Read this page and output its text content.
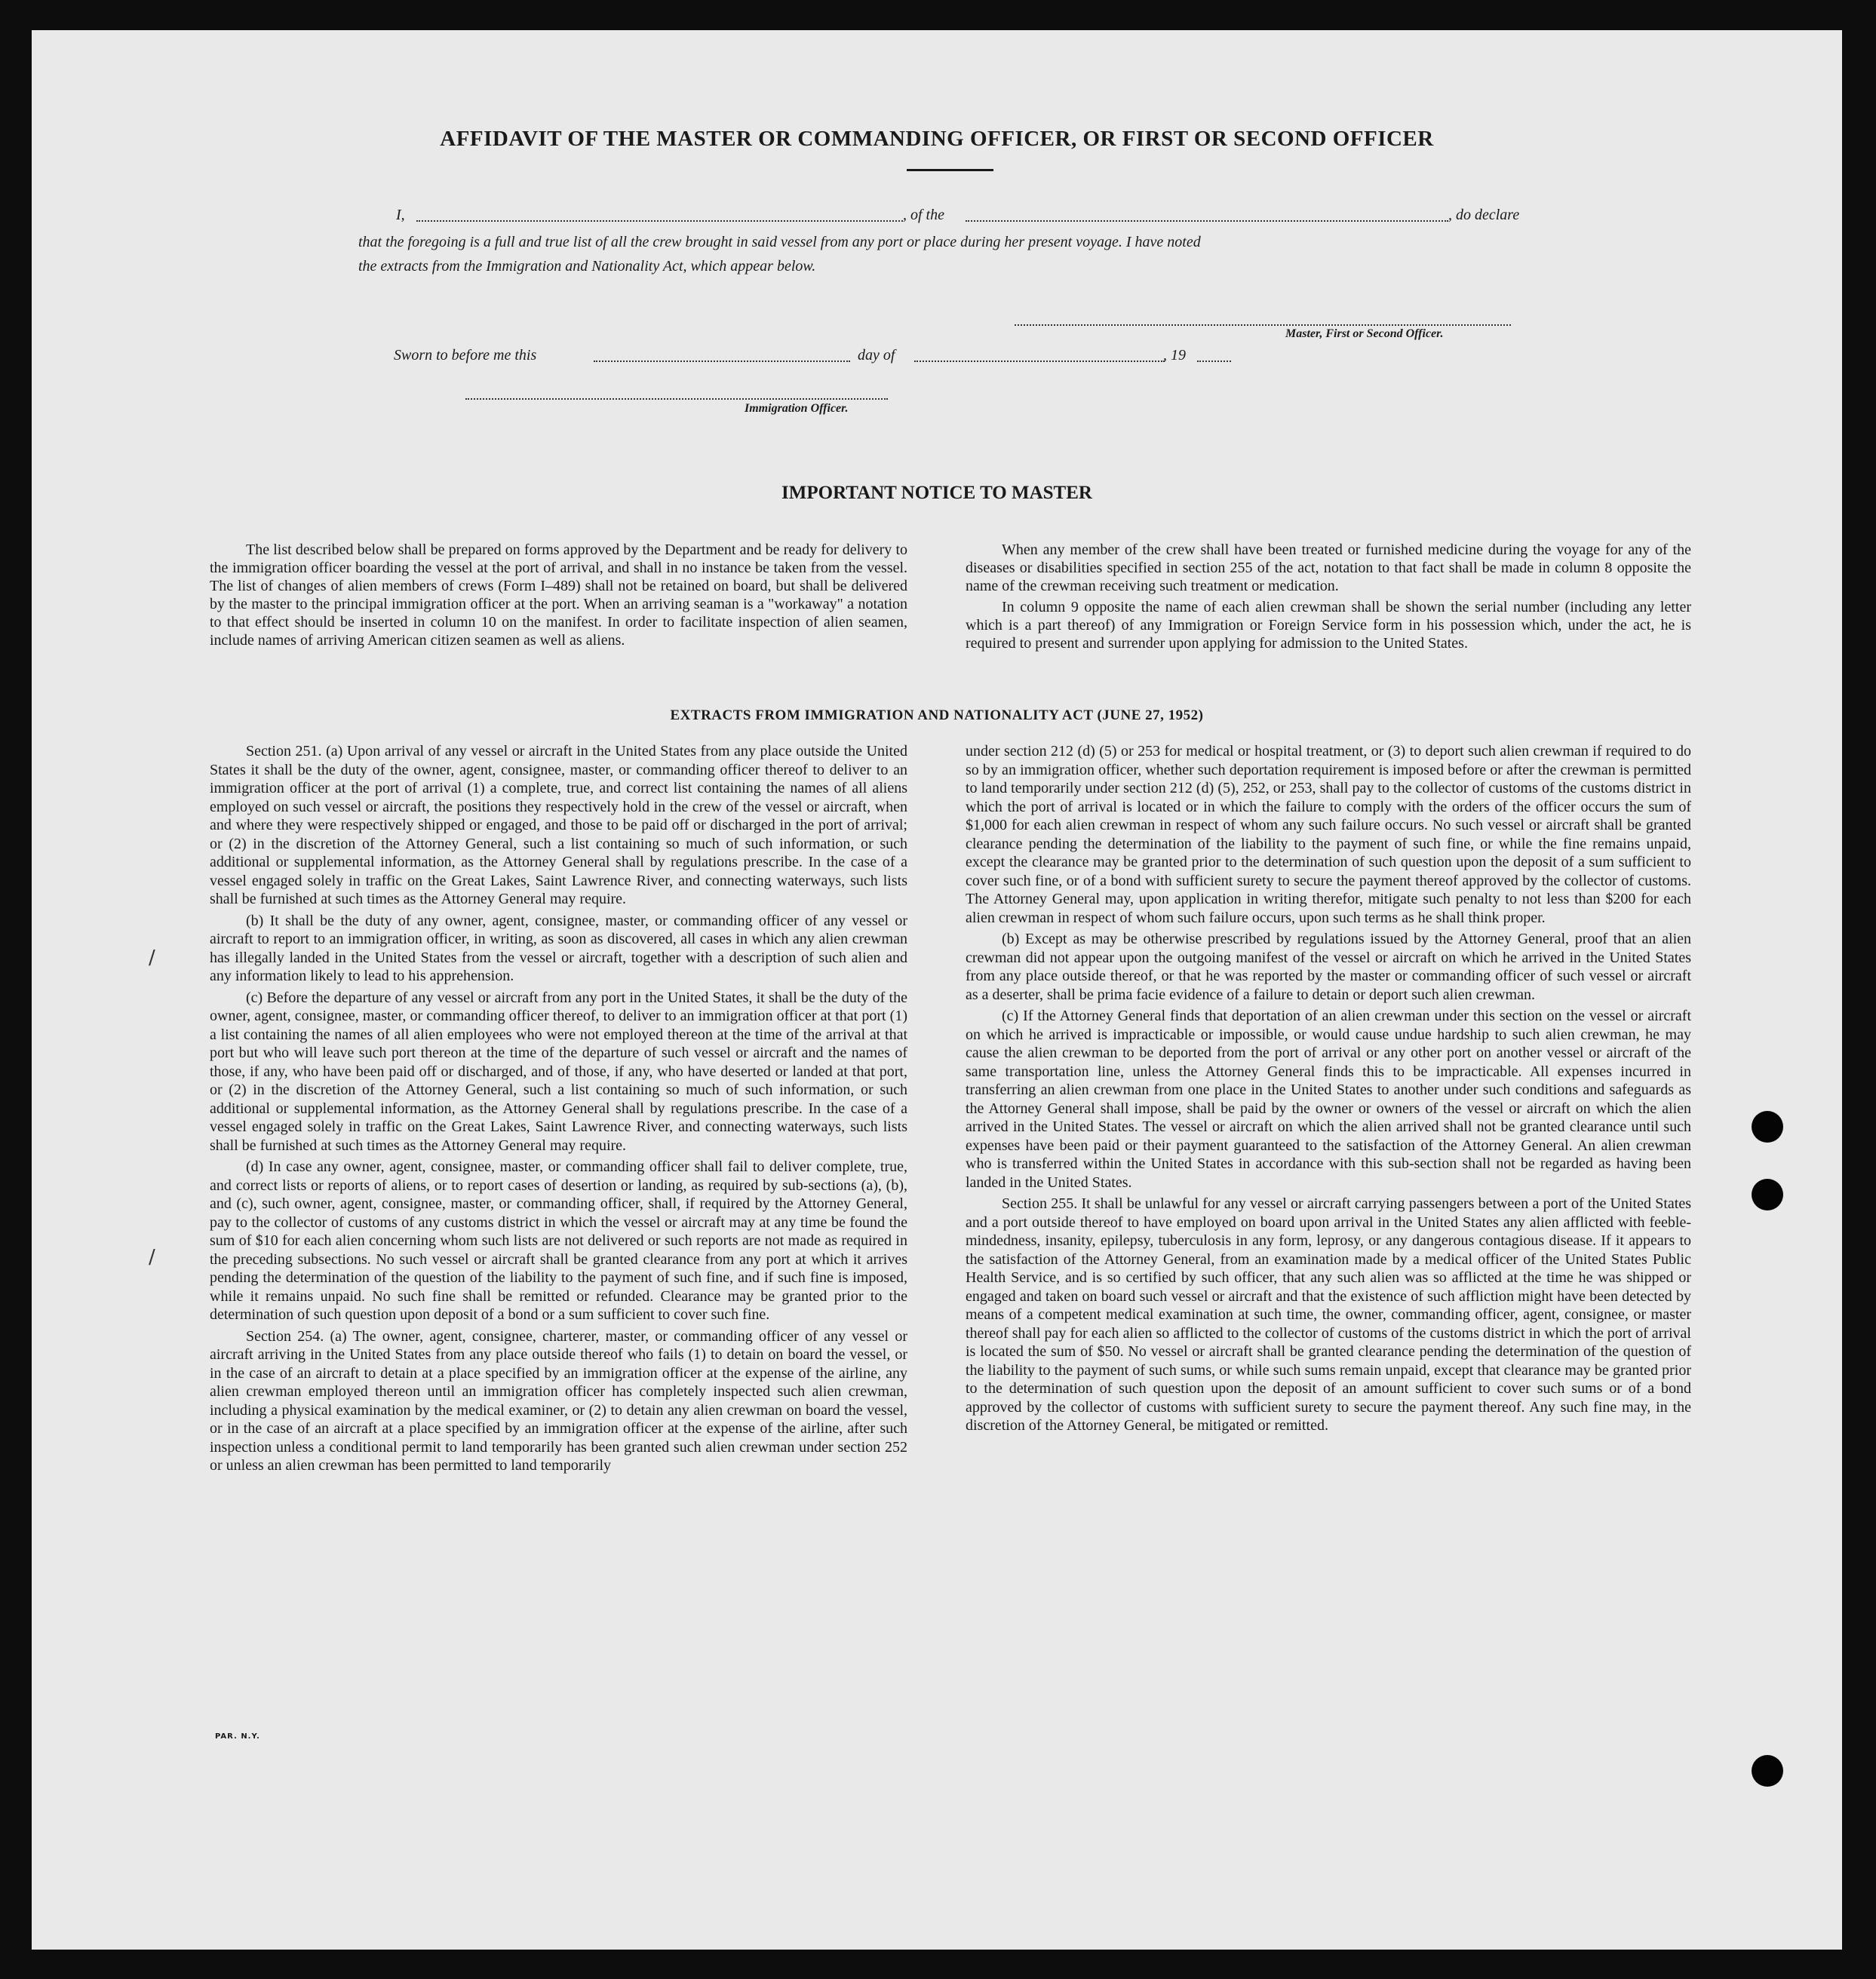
AFFIDAVIT OF THE MASTER OR COMMANDING OFFICER, OR FIRST OR SECOND OFFICER
I,	, of the	, do declare
that the foregoing is a full and true list of all the crew brought in said vessel from any port or place during her present voyage. I have noted
the extracts from the Immigration and Nationality Act, which appear below.
Master, First or Second Officer.
Sworn to before me this	day of	, 19
Immigration Officer.
IMPORTANT NOTICE TO MASTER

The list described below shall be prepared on forms approved by the Department and be ready for delivery to the immigration officer boarding the vessel at the port of arrival, and shall in no instance be taken from the vessel. The list of changes of alien members of crews (Form I–489) shall not be retained on board, but shall be delivered by the master to the principal immigration officer at the port. When an arriving seaman is a "workaway" a notation to that effect should be inserted in column 10 on the manifest. In order to facilitate inspection of alien seamen, include names of arriving American citizen seamen as well as aliens.

When any member of the crew shall have been treated or furnished medicine during the voyage for any of the diseases or disabilities specified in section 255 of the act, notation to that fact shall be made in column 8 opposite the name of the crewman receiving such treatment or medication.

In column 9 opposite the name of each alien crewman shall be shown the serial number (including any letter which is a part thereof) of any Immigration or Foreign Service form in his possession which, under the act, he is required to present and surrender upon applying for admission to the United States.

EXTRACTS FROM IMMIGRATION AND NATIONALITY ACT (JUNE 27, 1952)

Section 251. (a) Upon arrival of any vessel or aircraft in the United States from any place outside the United States it shall be the duty of the owner, agent, consignee, master, or commanding officer thereof to deliver to an immigration officer at the port of arrival (1) a complete, true, and correct list containing the names of all aliens employed on such vessel or aircraft, the positions they respectively hold in the crew of the vessel or aircraft, when and where they were respectively shipped or engaged, and those to be paid off or discharged in the port of arrival; or (2) in the discretion of the Attorney General, such a list containing so much of such information, or such additional or supplemental information, as the Attorney General shall by regulations prescribe. In the case of a vessel engaged solely in traffic on the Great Lakes, Saint Lawrence River, and connecting waterways, such lists shall be furnished at such times as the Attorney General may require.

(b) It shall be the duty of any owner, agent, consignee, master, or commanding officer of any vessel or aircraft to report to an immigration officer, in writing, as soon as discovered, all cases in which any alien crewman has illegally landed in the United States from the vessel or aircraft, together with a description of such alien and any information likely to lead to his apprehension.

(c) Before the departure of any vessel or aircraft from any port in the United States, it shall be the duty of the owner, agent, consignee, master, or commanding officer thereof, to deliver to an immigration officer at that port (1) a list containing the names of all alien employees who were not employed thereon at the time of the arrival at that port but who will leave such port thereon at the time of the departure of such vessel or aircraft and the names of those, if any, who have been paid off or discharged, and of those, if any, who have deserted or landed at that port, or (2) in the discretion of the Attorney General, such a list containing so much of such information, or such additional or supplemental information, as the Attorney General shall by regulations prescribe. In the case of a vessel engaged solely in traffic on the Great Lakes, Saint Lawrence River, and connecting waterways, such lists shall be furnished at such times as the Attorney General may require.

(d) In case any owner, agent, consignee, master, or commanding officer shall fail to deliver complete, true, and correct lists or reports of aliens, or to report cases of desertion or landing, as required by sub-sections (a), (b), and (c), such owner, agent, consignee, master, or commanding officer, shall, if required by the Attorney General, pay to the collector of customs of any customs district in which the vessel or aircraft may at any time be found the sum of $10 for each alien concerning whom such lists are not delivered or such reports are not made as required in the preceding subsections. No such vessel or aircraft shall be granted clearance from any port at which it arrives pending the determination of the question of the liability to the payment of such fine, and if such fine is imposed, while it remains unpaid. No such fine shall be remitted or refunded. Clearance may be granted prior to the determination of such question upon deposit of a bond or a sum sufficient to cover such fine.

Section 254. (a) The owner, agent, consignee, charterer, master, or commanding officer of any vessel or aircraft arriving in the United States from any place outside thereof who fails (1) to detain on board the vessel, or in the case of an aircraft to detain at a place specified by an immigration officer at the expense of the airline, any alien crewman employed thereon until an immigration officer has completely inspected such alien crewman, including a physical examination by the medical examiner, or (2) to detain any alien crewman on board the vessel, or in the case of an aircraft at a place specified by an immigration officer at the expense of the airline, after such inspection unless a conditional permit to land temporarily has been granted such alien crewman under section 252 or unless an alien crewman has been permitted to land temporarily

under section 212 (d) (5) or 253 for medical or hospital treatment, or (3) to deport such alien crewman if required to do so by an immigration officer, whether such deportation requirement is imposed before or after the crewman is permitted to land temporarily under section 212 (d) (5), 252, or 253, shall pay to the collector of customs of the customs district in which the port of arrival is located or in which the failure to comply with the orders of the officer occurs the sum of $1,000 for each alien crewman in respect of whom any such failure occurs. No such vessel or aircraft shall be granted clearance pending the determination of the liability to the payment of such fine, or while the fine remains unpaid, except the clearance may be granted prior to the determination of such question upon the deposit of a sum sufficient to cover such fine, or of a bond with sufficient surety to secure the payment thereof approved by the collector of customs. The Attorney General may, upon application in writing therefor, mitigate such penalty to not less than $200 for each alien crewman in respect of whom such failure occurs, upon such terms as he shall think proper.

(b) Except as may be otherwise prescribed by regulations issued by the Attorney General, proof that an alien crewman did not appear upon the outgoing manifest of the vessel or aircraft on which he arrived in the United States from any place outside thereof, or that he was reported by the master or commanding officer of such vessel or aircraft as a deserter, shall be prima facie evidence of a failure to detain or deport such alien crewman.

(c) If the Attorney General finds that deportation of an alien crewman under this section on the vessel or aircraft on which he arrived is impracticable or impossible, or would cause undue hardship to such alien crewman, he may cause the alien crewman to be deported from the port of arrival or any other port on another vessel or aircraft of the same transportation line, unless the Attorney General finds this to be impracticable. All expenses incurred in transferring an alien crewman from one place in the United States to another under such conditions and safeguards as the Attorney General shall impose, shall be paid by the owner or owners of the vessel or aircraft on which the alien arrived in the United States. The vessel or aircraft on which the alien arrived shall not be granted clearance until such expenses have been paid or their payment guaranteed to the satisfaction of the Attorney General. An alien crewman who is transferred within the United States in accordance with this sub-section shall not be regarded as having been landed in the United States.

Section 255. It shall be unlawful for any vessel or aircraft carrying passengers between a port of the United States and a port outside thereof to have employed on board upon arrival in the United States any alien afflicted with feeble-mindedness, insanity, epilepsy, tuberculosis in any form, leprosy, or any dangerous contagious disease. If it appears to the satisfaction of the Attorney General, from an examination made by a medical officer of the United States Public Health Service, and is so certified by such officer, that any such alien was so afflicted at the time he was shipped or engaged and taken on board such vessel or aircraft and that the existence of such affliction might have been detected by means of a competent medical examination at such time, the owner, commanding officer, agent, consignee, or master thereof shall pay for each alien so afflicted to the collector of customs of the customs district in which the port of arrival is located the sum of $50. No vessel or aircraft shall be granted clearance pending the determination of the question of the liability to the payment of such sums, or while such sums remain unpaid, except that clearance may be granted prior to the determination of such question upon the deposit of an amount sufficient to cover such sums or of a bond approved by the collector of customs with sufficient surety to secure the payment thereof. Any such fine may, in the discretion of the Attorney General, be mitigated or remitted.

PAR. N.Y.
/
/
